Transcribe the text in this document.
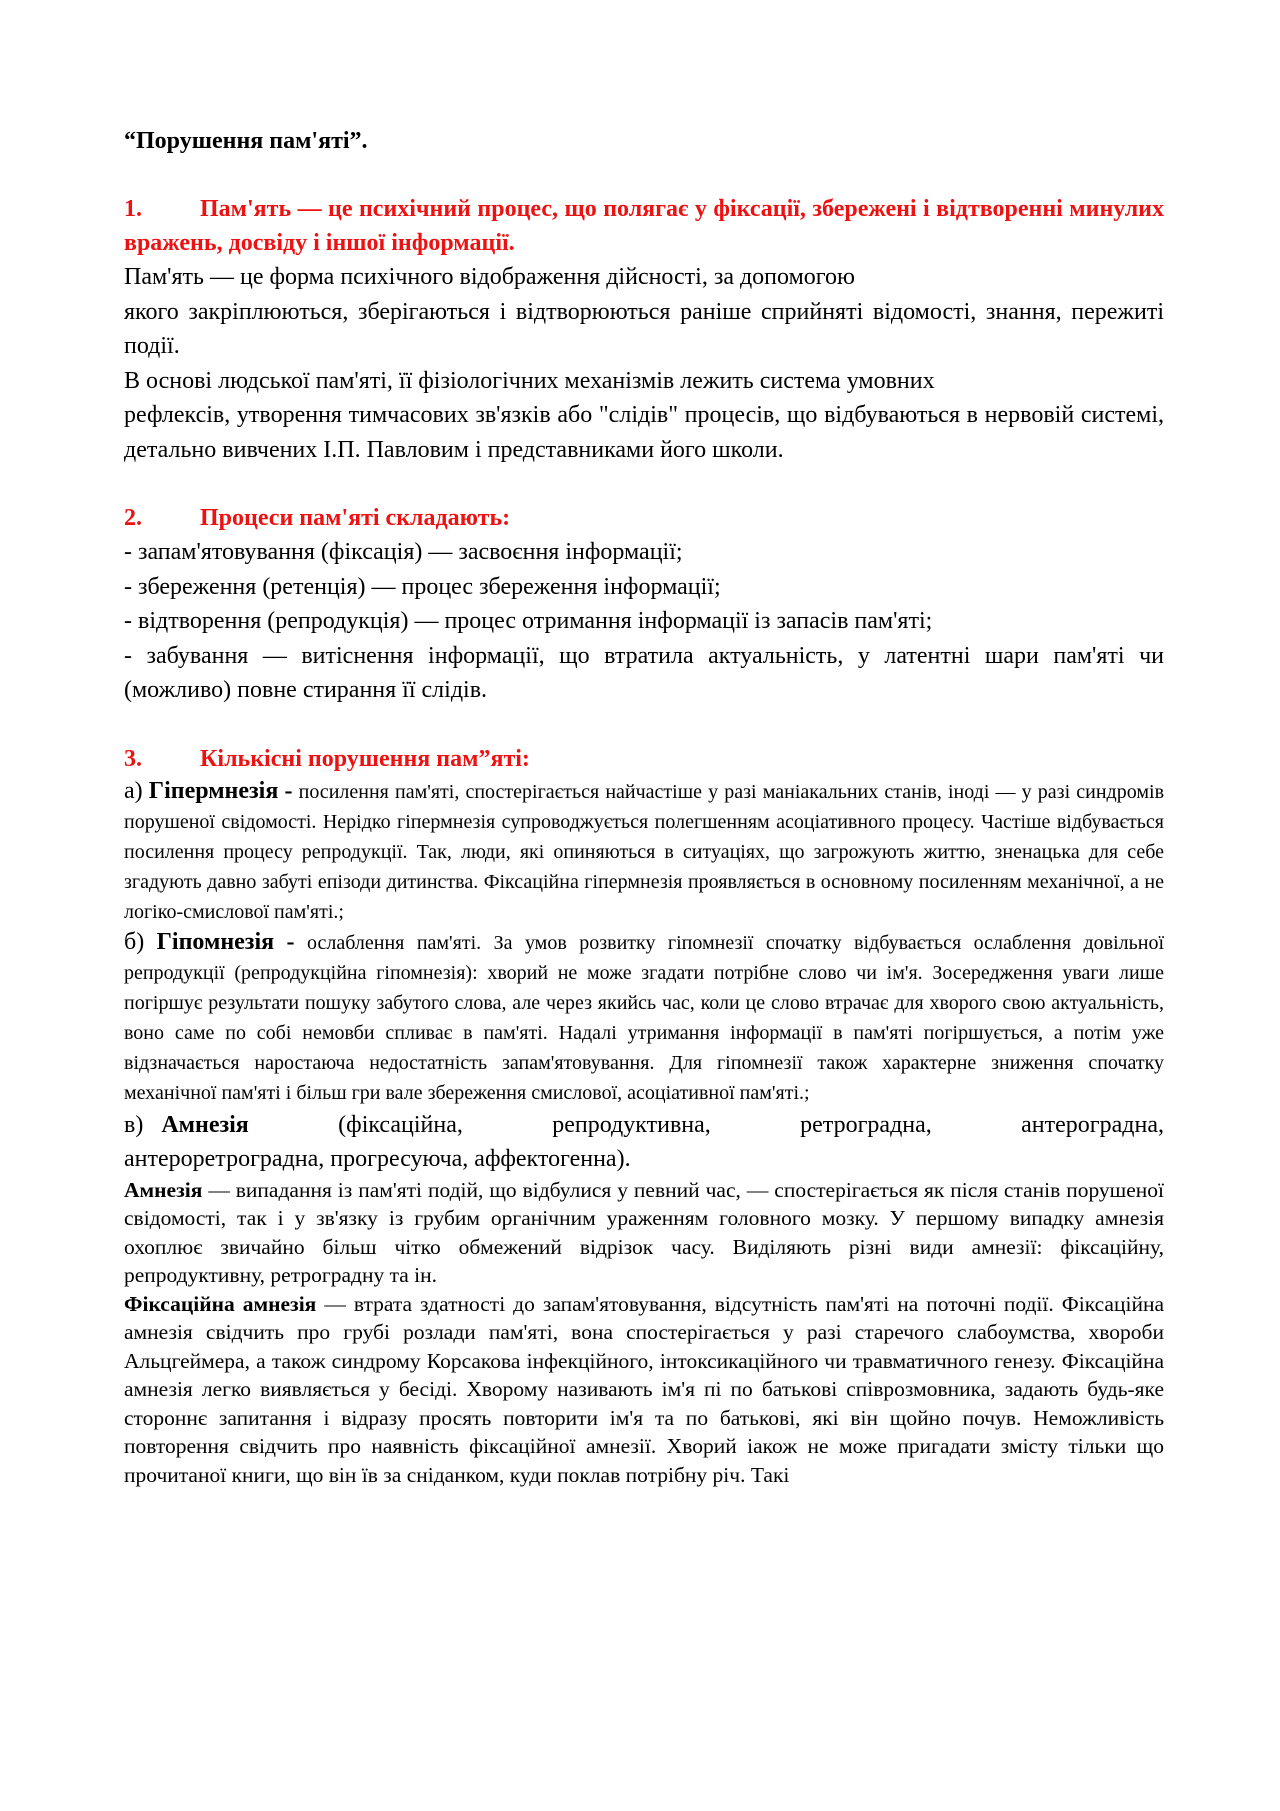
“Порушення пам'яті”.

1. Пам'ять — це психічний процес, що полягає у фіксації, збережені і відтворенні минулих вражень, досвіду і іншої інформації.

Пам'ять — це форма психічного відображення дійсності, за допомогою

якого закріплюються, зберігаються і відтворюються раніше сприйняті відомості, знання, пережиті події.

В основі людської пам'яті, її фізіологічних механізмів лежить система умовних

рефлексів, утворення тимчасових зв'язків або "слідів" процесів, що відбуваються в нервовій системі, детально вивчених І.П. Павловим і представниками його школи.

2. Процеси пам'яті складають:

- запам'ятовування (фіксація) — засвоєння інформації;

- збереження (ретенція) — процес збереження інформації;

- відтворення (репродукція) — процес отримання інформації із запасів пам'яті;

- забування — витіснення інформації, що втратила актуальність, у латентні шари пам'яті чи (можливо) повне стирання її слідів.

3. Кількісні порушення пам”яті:

а) Гіпермнезія - посилення пам'яті, спостерігається найчастіше у разі маніакальних станів, іноді — у разі синдромів порушеної свідомості. Нерідко гіпермнезія супроводжується полегшенням асоціативного процесу. Частіше відбувається посилення процесу репродукції. Так, люди, які опиняються в ситуаціях, що загрожують життю, зненацька для себе згадують давно забуті епізоди дитинства. Фіксаційна гіпермнезія проявляється в основному посиленням механічної, а не логіко-смислової пам'яті.;

б) Гіпомнезія - ослаблення пам'яті. За умов розвитку гіпомнезії спочатку відбувається ослаблення довільної репродукції (репродукційна гіпомнезія): хворий не може згадати потрібне слово чи ім'я. Зосередження уваги лише погіршує результати пошуку забутого слова, але через якийсь час, коли це слово втрачає для хворого свою актуальність, воно саме по собі немовби спливає в пам'яті. Надалі утримання інформації в пам'яті погіршується, а потім уже відзначається наростаюча недостатність запам'ятовування. Для гіпомнезії також характерне зниження спочатку механічної пам'яті і більш гри вале збереження смислової, асоціативної пам'яті.;

в) Амнезія	(фіксаційна,	репродуктивна,	ретроградна,	антероградна,

антероретроградна, прогресуюча, аффектогенна).

Амнезія — випадання із пам'яті подій, що відбулися у певний час, — спостерігається як після станів порушеної свідомості, так і у зв'язку із грубим органічним ураженням головного мозку. У першому випадку амнезія охоплює звичайно більш чітко обмежений відрізок часу. Виділяють різні види амнезії: фіксаційну, репродуктивну, ретроградну та ін.

Фіксаційна амнезія — втрата здатності до запам'ятовування, відсутність пам'яті на поточні події. Фіксаційна амнезія свідчить про грубі розлади пам'яті, вона спостерігається у разі старечого слабоумства, хвороби Альцгеймера, а також синдрому Корсакова інфекційного, інтоксикаційного чи травматичного генезу. Фіксаційна амнезія легко виявляється у бесіді. Хворому називають ім'я пі по батькові співрозмовника, задають будь-яке стороннє запитання і відразу просять повторити ім'я та по батькові, які він щойно почув. Неможливість повторення свідчить про наявність фіксаційної амнезії. Хворий іакож не може пригадати змісту тільки що прочитаної книги, що він їв за сніданком, куди поклав потрібну річ. Такі
